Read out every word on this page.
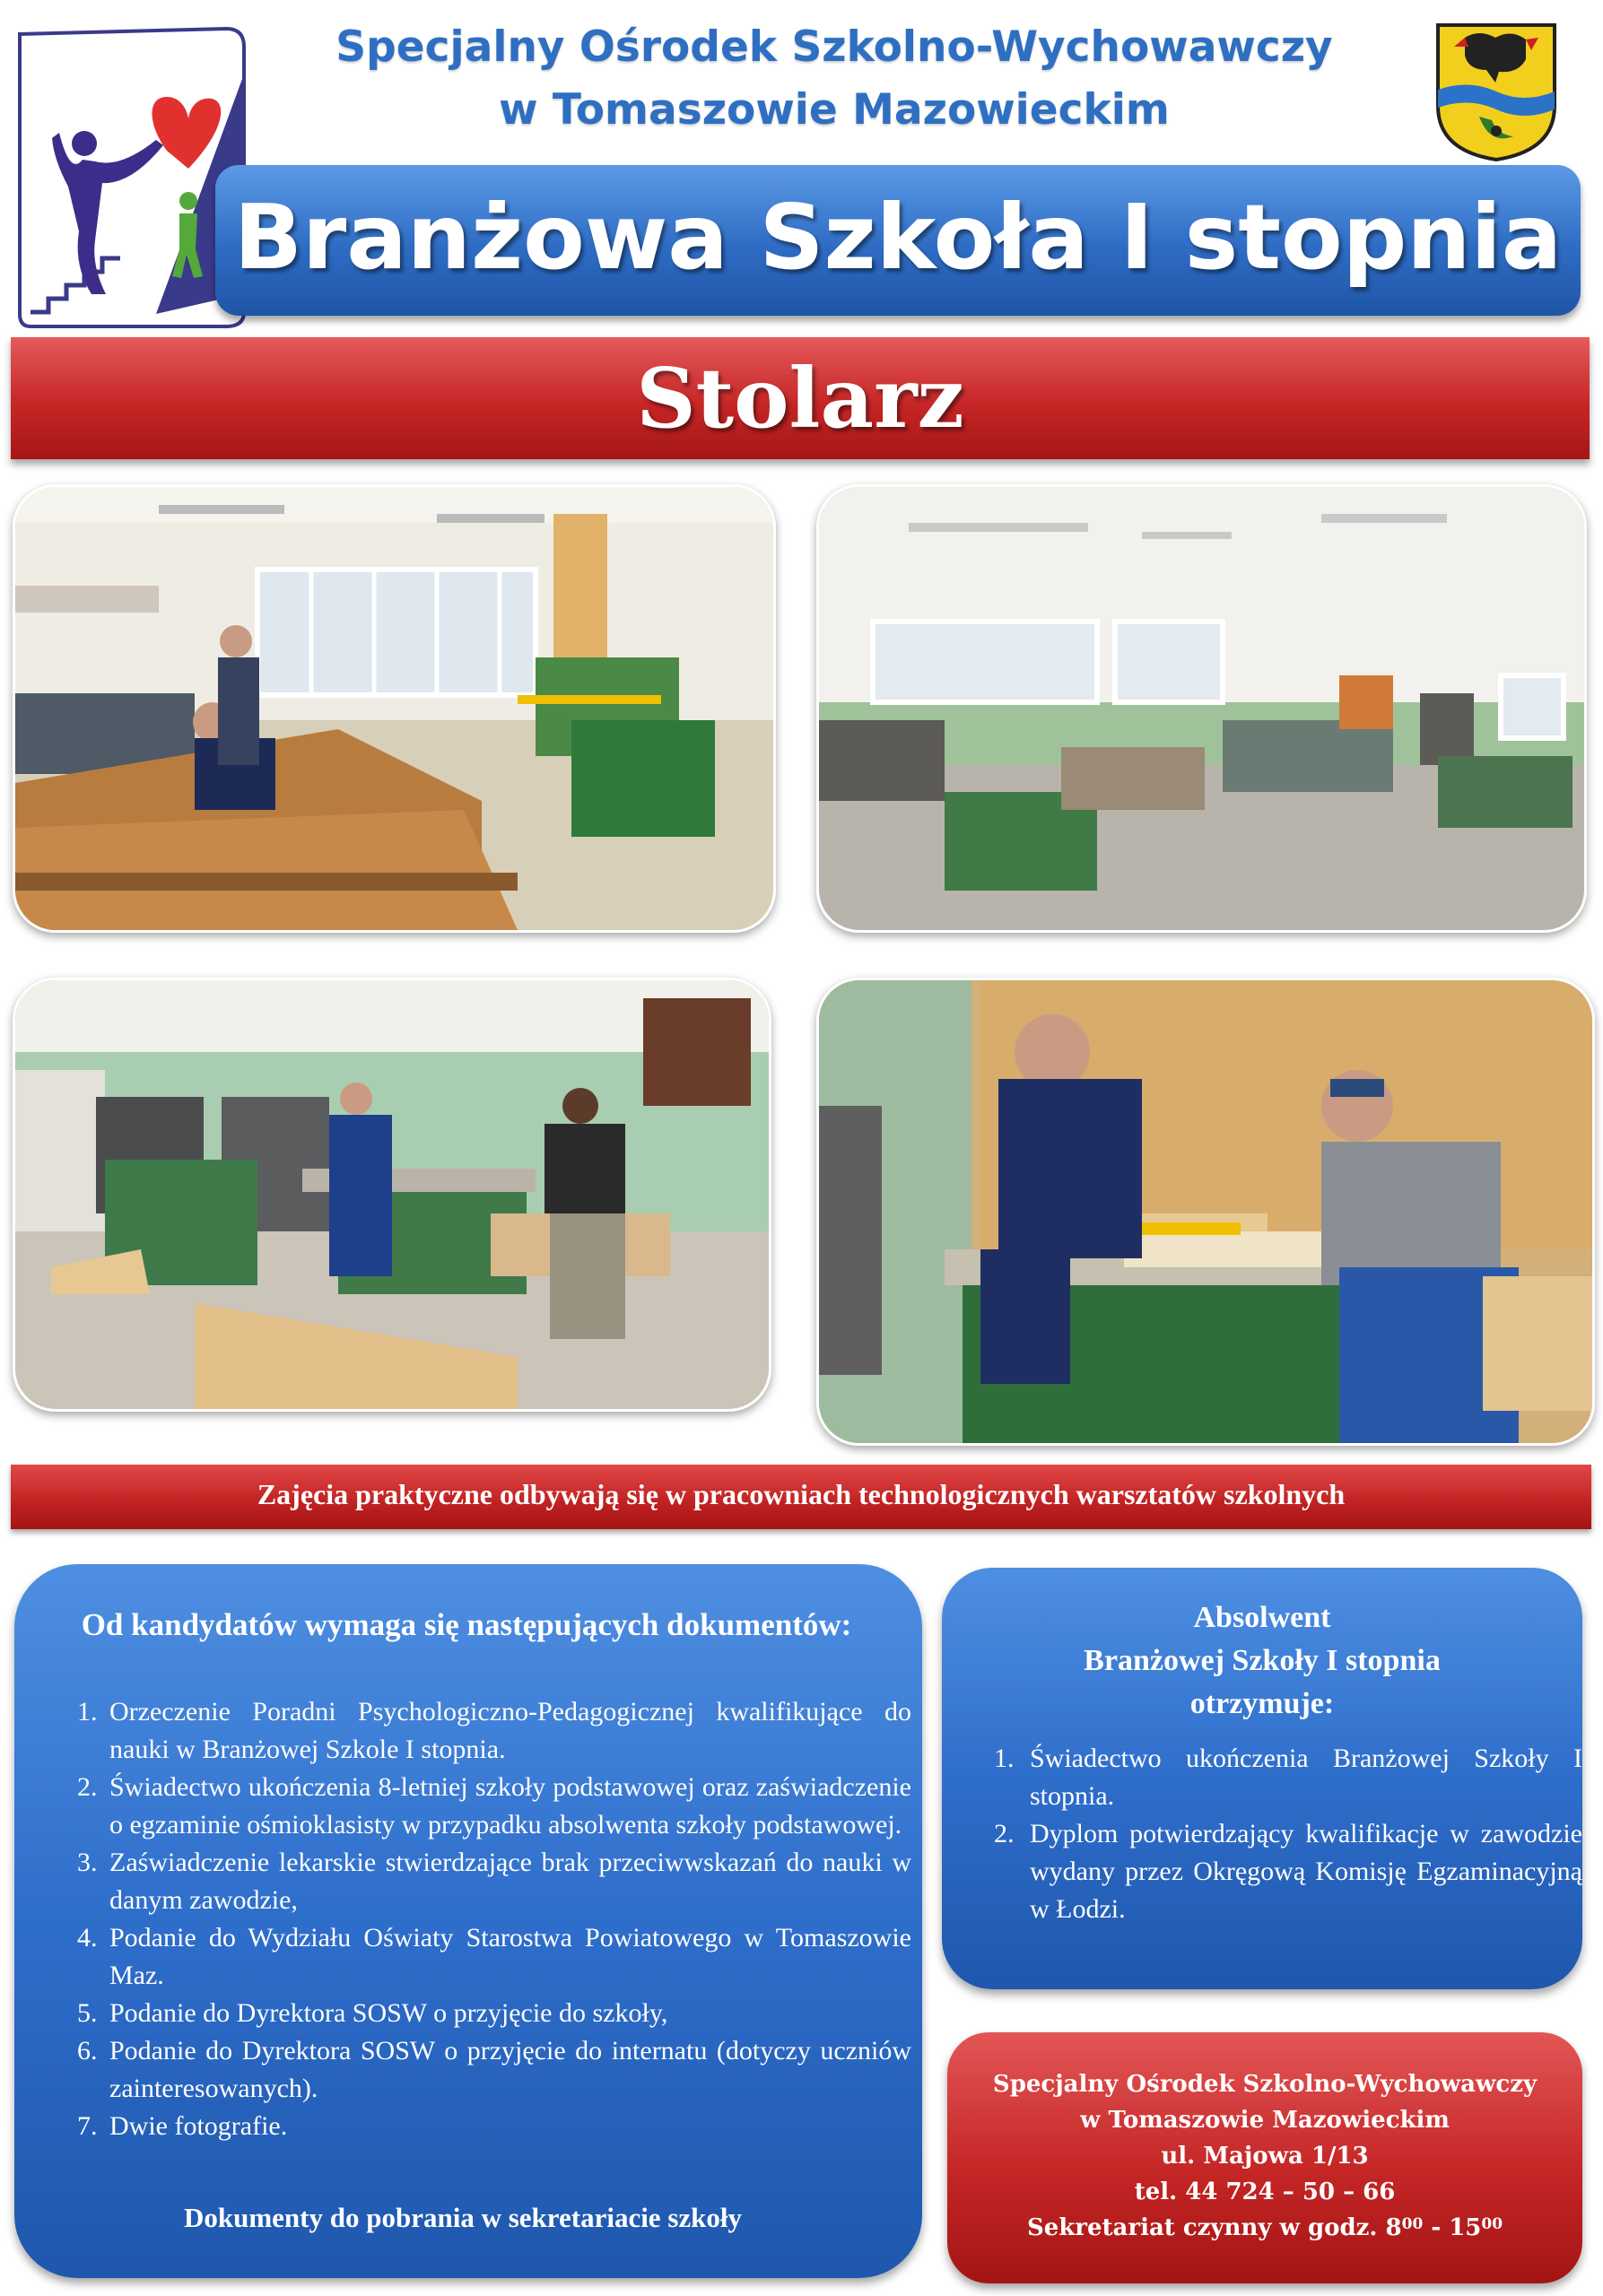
Specjalny Ośrodek Szkolno-Wychowawczy
w Tomaszowie Mazowieckim
Branżowa Szkoła I stopnia
Stolarz
Zajęcia praktyczne odbywają się w pracowniach technologicznych warsztatów szkolnych
Od kandydatów wymaga się następujących dokumentów:
1. Orzeczenie Poradni Psychologiczno-Pedagogicznej kwalifikujące do nauki w Branżowej Szkole I stopnia.
2. Świadectwo ukończenia 8-letniej szkoły podstawowej oraz zaświadczenie o egzaminie ośmioklasisty w przypadku absolwenta szkoły podstawowej.
3. Zaświadczenie lekarskie stwierdzające brak przeciwwskazań do nauki w danym zawodzie,
4. Podanie do Wydziału Oświaty Starostwa Powiatowego w Tomaszowie Maz.
5. Podanie do Dyrektora SOSW o przyjęcie do szkoły,
6. Podanie do Dyrektora SOSW o przyjęcie do internatu (dotyczy uczniów zainteresowanych).
7. Dwie fotografie.
Dokumenty do pobrania w sekretariacie szkoły
Absolwent
Branżowej Szkoły I stopnia
otrzymuje:
1. Świadectwo ukończenia Branżowej Szkoły I stopnia.
2. Dyplom potwierdzający kwalifikacje w zawodzie wydany przez Okręgową Komisję Egzaminacyjną w Łodzi.
Specjalny Ośrodek Szkolno-Wychowawczy
w Tomaszowie Mazowieckim
ul. Majowa 1/13
tel. 44 724 – 50 – 66
Sekretariat czynny w godz. $8^{00} - 15^{00}$
